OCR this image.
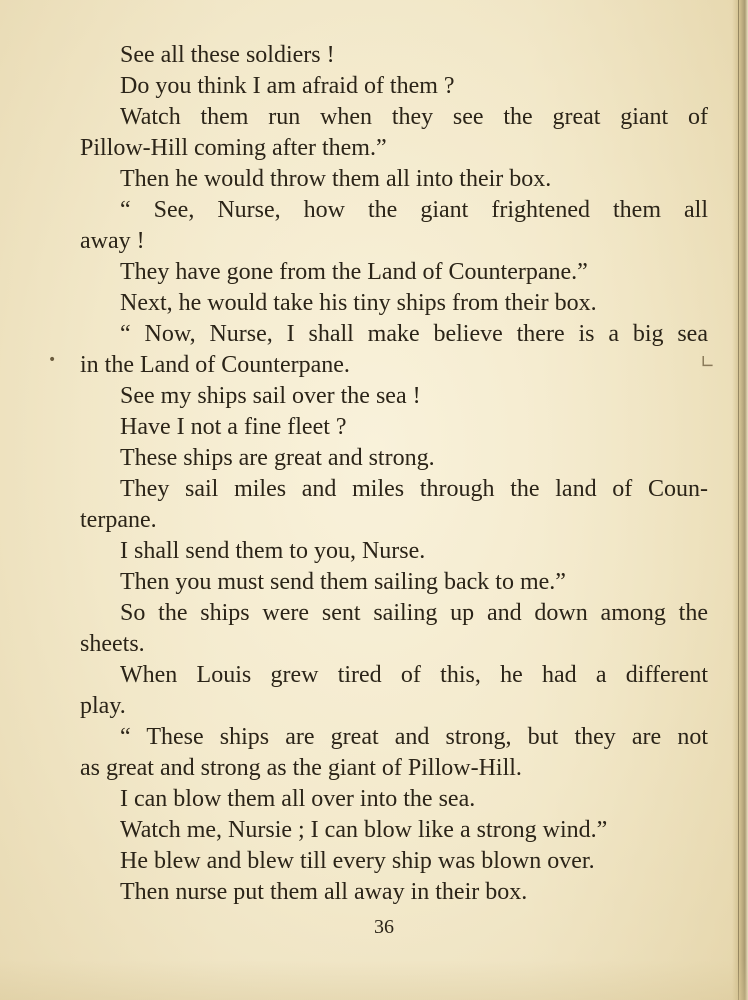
•	∟
See all these soldiers !
Do you think I am afraid of them ?
Watch them run when they see the great giant of
Pillow-Hill coming after them.”
Then he would throw them all into their box.
“ See, Nurse, how the giant frightened them all
away !
They have gone from the Land of Counterpane.”
Next, he would take his tiny ships from their box.
“ Now, Nurse, I shall make believe there is a big sea
in the Land of Counterpane.
See my ships sail over the sea !
Have I not a fine fleet ?
These ships are great and strong.
They sail miles and miles through the land of Coun-
terpane.
I shall send them to you, Nurse.
Then you must send them sailing back to me.”
So the ships were sent sailing up and down among the
sheets.
When Louis grew tired of this, he had a different
play.
“ These ships are great and strong, but they are not
as great and strong as the giant of Pillow-Hill.
I can blow them all over into the sea.
Watch me, Nursie ; I can blow like a strong wind.”
He blew and blew till every ship was blown over.
Then nurse put them all away in their box.
36
